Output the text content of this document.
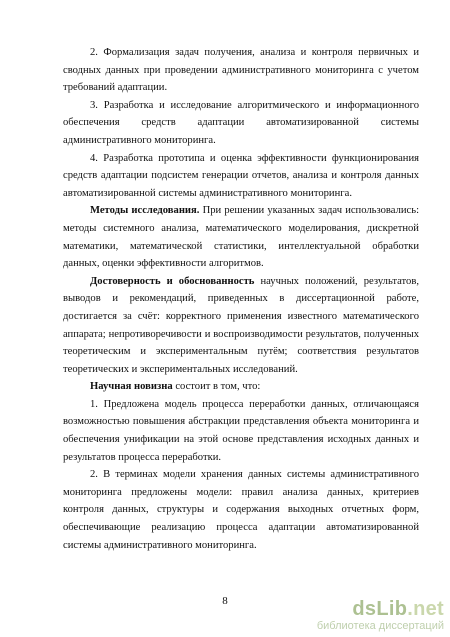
2. Формализация задач получения, анализа и контроля первичных и сводных данных при проведении административного мониторинга с учетом требований адаптации.

3. Разработка и исследование алгоритмического и информационного обеспечения средств адаптации автоматизированной системы административного мониторинга.

4. Разработка прототипа и оценка эффективности функционирования средств адаптации подсистем генерации отчетов, анализа и контроля данных автоматизированной системы административного мониторинга.

Методы исследования. При решении указанных задач использовались: методы системного анализа, математического моделирования, дискретной математики, математической статистики, интеллектуальной обработки данных, оценки эффективности алгоритмов.

Достоверность и обоснованность научных положений, результатов, выводов и рекомендаций, приведенных в диссертационной работе, достигается за счёт: корректного применения известного математического аппарата; непротиворечивости и воспроизводимости результатов, полученных теоретическим и экспериментальным путём; соответствия результатов теоретических и экспериментальных исследований.

Научная новизна состоит в том, что:

1. Предложена модель процесса переработки данных, отличающаяся возможностью повышения абстракции представления объекта мониторинга и обеспечения унификации на этой основе представления исходных данных и результатов процесса переработки.

2. В терминах модели хранения данных системы административного мониторинга предложены модели: правил анализа данных, критериев контроля данных, структуры и содержания выходных отчетных форм, обеспечивающие реализацию процесса адаптации автоматизированной системы административного мониторинга.

8	dsLib.net
библиотека диссертаций
